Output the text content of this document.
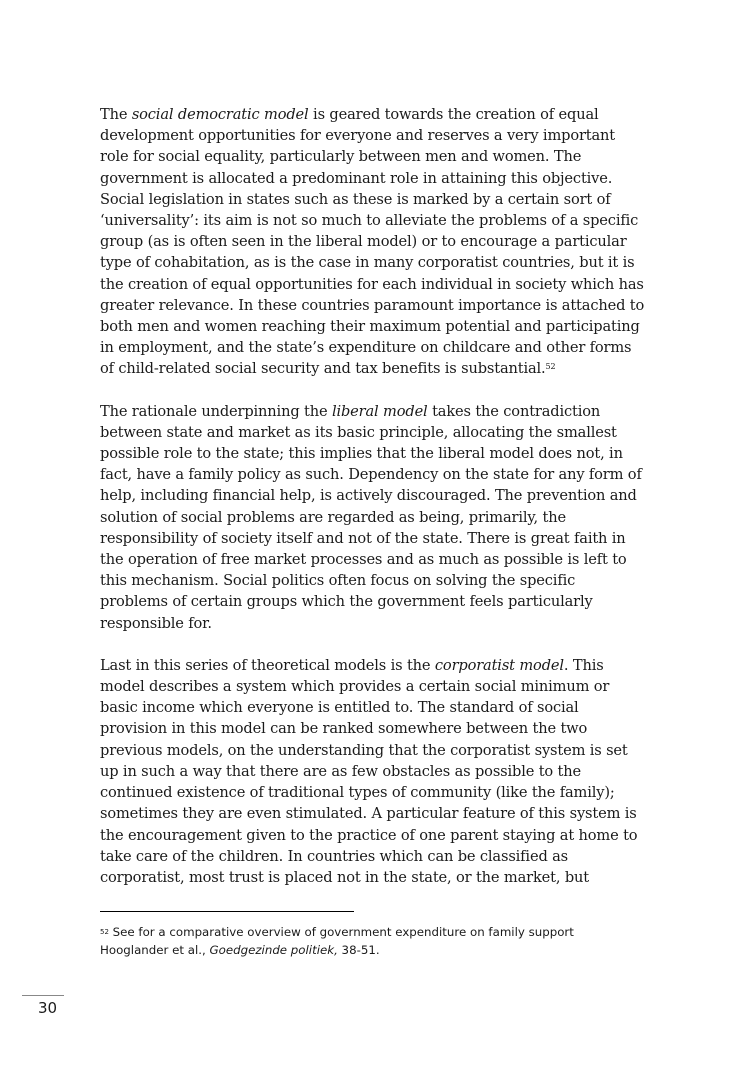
The social democratic model is geared towards the creation of equal development opportunities for everyone and reserves a very important role for social equality, particularly between men and women. The government is allocated a predominant role in attaining this objective. Social legislation in states such as these is marked by a certain sort of ‘universality’: its aim is not so much to alleviate the problems of a specific group (as is often seen in the liberal model) or to encourage a particular type of cohabitation, as is the case in many corporatist countries, but it is the creation of equal opportunities for each individual in society which has greater relevance. In these countries paramount importance is attached to both men and women reaching their maximum potential and participating in employment, and the state’s expenditure on childcare and other forms of child-related social security and tax benefits is substantial.$^{52}$

The rationale underpinning the liberal model takes the contradiction between state and market as its basic principle, allocating the smallest possible role to the state; this implies that the liberal model does not, in fact, have a family policy as such. Dependency on the state for any form of help, including financial help, is actively discouraged. The prevention and solution of social problems are regarded as being, primarily, the responsibility of society itself and not of the state. There is great faith in the operation of free market processes and as much as possible is left to this mechanism. Social politics often focus on solving the specific problems of certain groups which the government feels particularly responsible for.

Last in this series of theoretical models is the corporatist model. This model describes a system which provides a certain social minimum or basic income which everyone is entitled to. The standard of social provision in this model can be ranked somewhere between the two previous models, on the understanding that the corporatist system is set up in such a way that there are as few obstacles as possible to the continued existence of traditional types of community (like the family); sometimes they are even stimulated. A particular feature of this system is the encouragement given to the practice of one parent staying at home to take care of the children. In countries which can be classified as corporatist, most trust is placed not in the state, or the market, but

$^{52}$ See for a comparative overview of government expenditure on family support Hooglander et al., Goedgezinde politiek, 38-51.
30
